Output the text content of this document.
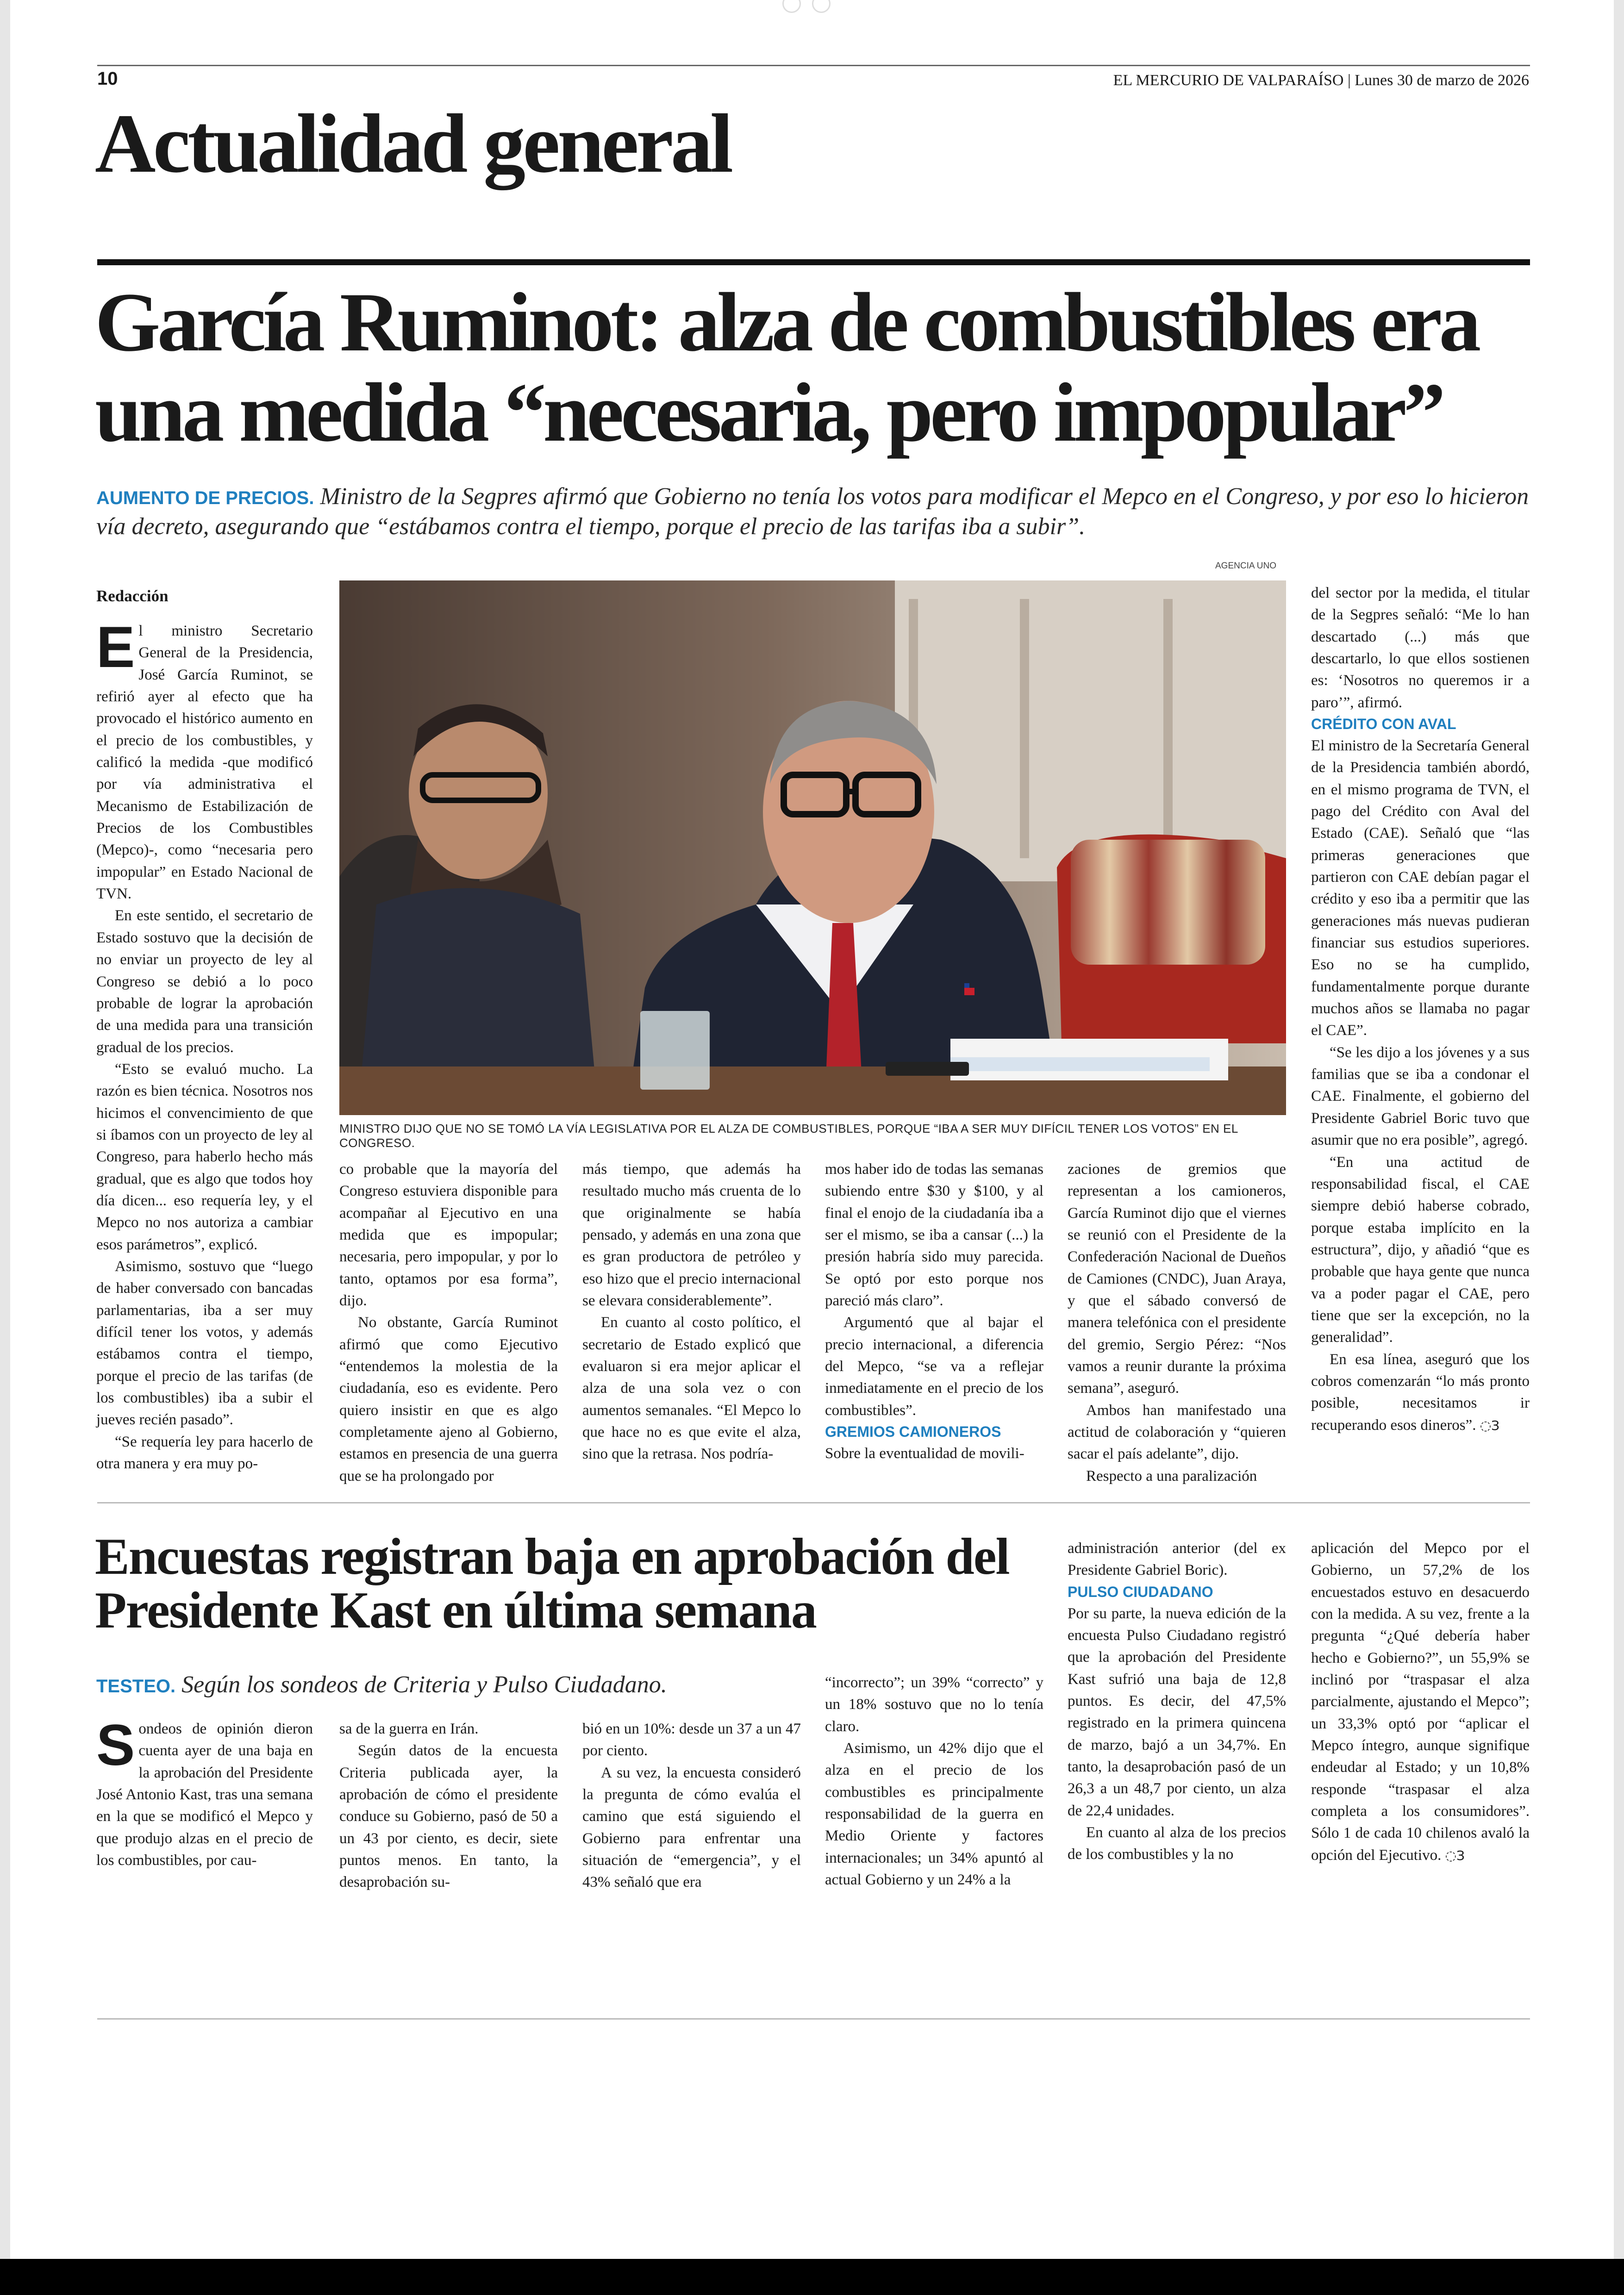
10	EL MERCURIO DE VALPARAÍSO | Lunes 30 de marzo de 2026
Actualidad general
García Ruminot: alza de combustibles era una medida “necesaria, pero impopular”
AUMENTO DE PRECIOS. Ministro de la Segpres afirmó que Gobierno no tenía los votos para modificar el Mepco en el Congreso, y por eso lo hicieron vía decreto, asegurando que “estábamos contra el tiempo, porque el precio de las tarifas iba a subir”.
AGENCIA UNO
MINISTRO DIJO QUE NO SE TOMÓ LA VÍA LEGISLATIVA POR EL ALZA DE COMBUSTIBLES, PORQUE “IBA A SER MUY DIFÍCIL TENER LOS VOTOS” EN EL CONGRESO.
Redacción

El ministro Secretario General de la Presidencia, José García Ruminot, se refirió ayer al efecto que ha provocado el histórico aumento en el precio de los combustibles, y calificó la medida -que modificó por vía administrativa el Mecanismo de Estabilización de Precios de los Combustibles (Mepco)-, como “necesaria pero impopular” en Estado Nacional de TVN.

En este sentido, el secretario de Estado sostuvo que la decisión de no enviar un proyecto de ley al Congreso se debió a lo poco probable de lograr la aprobación de una medida para una transición gradual de los precios.

“Esto se evaluó mucho. La razón es bien técnica. Nosotros nos hicimos el convencimiento de que si íbamos con un proyecto de ley al Congreso, para haberlo hecho más gradual, que es algo que todos hoy día dicen... eso requería ley, y el Mepco no nos autoriza a cambiar esos parámetros”, explicó.

Asimismo, sostuvo que “luego de haber conversado con bancadas parlamentarias, iba a ser muy difícil tener los votos, y además estábamos contra el tiempo, porque el precio de las tarifas (de los combustibles) iba a subir el jueves recién pasado”.

“Se requería ley para hacerlo de otra manera y era muy po-

co probable que la mayoría del Congreso estuviera disponible para acompañar al Ejecutivo en una medida que es impopular; necesaria, pero impopular, y por lo tanto, optamos por esa forma”, dijo.

No obstante, García Ruminot afirmó que como Ejecutivo “entendemos la molestia de la ciudadanía, eso es evidente. Pero quiero insistir en que es algo completamente ajeno al Gobierno, estamos en presencia de una guerra que se ha prolongado por

más tiempo, que además ha resultado mucho más cruenta de lo que originalmente se había pensado, y además en una zona que es gran productora de petróleo y eso hizo que el precio internacional se elevara considerablemente”.

En cuanto al costo político, el secretario de Estado explicó que evaluaron si era mejor aplicar el alza de una sola vez o con aumentos semanales. “El Mepco lo que hace no es que evite el alza, sino que la retrasa. Nos podría-

mos haber ido de todas las semanas subiendo entre $30 y $100, y al final el enojo de la ciudadanía iba a ser el mismo, se iba a cansar (...) la presión habría sido muy parecida. Se optó por esto porque nos pareció más claro”.

Argumentó que al bajar el precio internacional, a diferencia del Mepco, “se va a reflejar inmediatamente en el precio de los combustibles”.

GREMIOS CAMIONEROS

Sobre la eventualidad de movili-

zaciones de gremios que representan a los camioneros, García Ruminot dijo que el viernes se reunió con el Presidente de la Confederación Nacional de Dueños de Camiones (CNDC), Juan Araya, y que el sábado conversó de manera telefónica con el presidente del gremio, Sergio Pérez: “Nos vamos a reunir durante la próxima semana”, aseguró.

Ambos han manifestado una actitud de colaboración y “quieren sacar el país adelante”, dijo.

Respecto a una paralización

del sector por la medida, el titular de la Segpres señaló: “Me lo han descartado (...) más que descartarlo, lo que ellos sostienen es: ‘Nosotros no queremos ir a paro’”, afirmó.

CRÉDITO CON AVAL

El ministro de la Secretaría General de la Presidencia también abordó, en el mismo programa de TVN, el pago del Crédito con Aval del Estado (CAE). Señaló que “las primeras generaciones que partieron con CAE debían pagar el crédito y eso iba a permitir que las generaciones más nuevas pudieran financiar sus estudios superiores. Eso no se ha cumplido, fundamentalmente porque durante muchos años se llamaba no pagar el CAE”.

“Se les dijo a los jóvenes y a sus familias que se iba a condonar el CAE. Finalmente, el gobierno del Presidente Gabriel Boric tuvo que asumir que no era posible”, agregó.

“En una actitud de responsabilidad fiscal, el CAE siempre debió haberse cobrado, porque estaba implícito en la estructura”, dijo, y añadió “que es probable que haya gente que nunca va a poder pagar el CAE, pero tiene que ser la excepción, no la generalidad”.

En esa línea, aseguró que los cobros comenzarán “lo más pronto posible, necesitamos ir recuperando esos dineros”. ◌З

Encuestas registran baja en aprobación del Presidente Kast en última semana
TESTEO. Según los sondeos de Criteria y Pulso Ciudadano.

Sondeos de opinión dieron cuenta ayer de una baja en la aprobación del Presidente José Antonio Kast, tras una semana en la que se modificó el Mepco y que produjo alzas en el precio de los combustibles, por cau-

sa de la guerra en Irán.

Según datos de la encuesta Criteria publicada ayer, la aprobación de cómo el presidente conduce su Gobierno, pasó de 50 a un 43 por ciento, es decir, siete puntos menos. En tanto, la desaprobación su-

bió en un 10%: desde un 37 a un 47 por ciento.

A su vez, la encuesta consideró la pregunta de cómo evalúa el camino que está siguiendo el Gobierno para enfrentar una situación de “emergencia”, y el 43% señaló que era

“incorrecto”; un 39% “correcto” y un 18% sostuvo que no lo tenía claro.

Asimismo, un 42% dijo que el alza en el precio de los combustibles es principalmente responsabilidad de la guerra en Medio Oriente y factores internacionales; un 34% apuntó al actual Gobierno y un 24% a la

administración anterior (del ex Presidente Gabriel Boric).

PULSO CIUDADANO

Por su parte, la nueva edición de la encuesta Pulso Ciudadano registró que la aprobación del Presidente Kast sufrió una baja de 12,8 puntos. Es decir, del 47,5% registrado en la primera quincena de marzo, bajó a un 34,7%. En tanto, la desaprobación pasó de un 26,3 a un 48,7 por ciento, un alza de 22,4 unidades.

En cuanto al alza de los precios de los combustibles y la no

aplicación del Mepco por el Gobierno, un 57,2% de los encuestados estuvo en desacuerdo con la medida. A su vez, frente a la pregunta “¿Qué debería haber hecho e Gobierno?”, un 55,9% se inclinó por “traspasar el alza parcialmente, ajustando el Mepco”; un 33,3% optó por “aplicar el Mepco íntegro, aunque signifique endeudar al Estado; y un 10,8% responde “traspasar el alza completa a los consumidores”. Sólo 1 de cada 10 chilenos avaló la opción del Ejecutivo. ◌З
